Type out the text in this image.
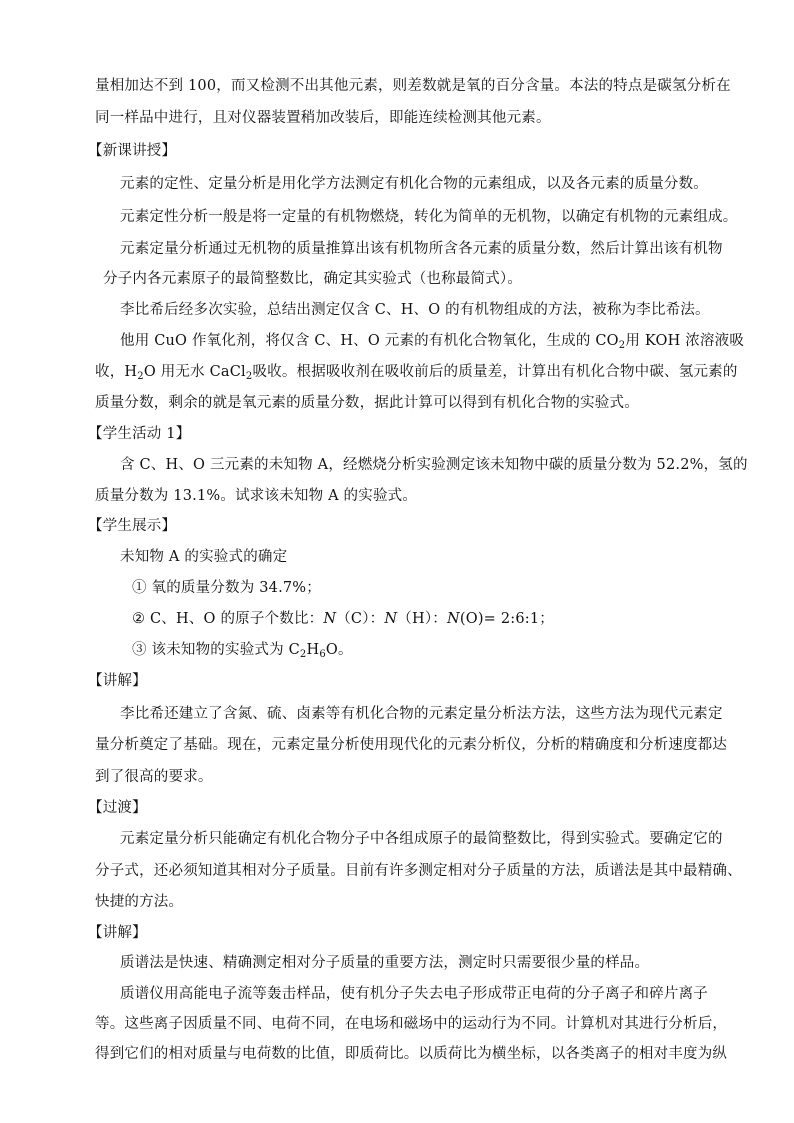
量相加达不到 100，而又检测不出其他元素，则差数就是氧的百分含量。本法的特点是碳氢分析在
同一样品中进行，且对仪器装置稍加改装后，即能连续检测其他元素。
【新课讲授】
元素的定性、定量分析是用化学方法测定有机化合物的元素组成，以及各元素的质量分数。
元素定性分析一般是将一定量的有机物燃烧，转化为简单的无机物，以确定有机物的元素组成。
元素定量分析通过无机物的质量推算出该有机物所含各元素的质量分数，然后计算出该有机物
分子内各元素原子的最简整数比，确定其实验式（也称最简式）。
李比希后经多次实验，总结出测定仅含 C、H、O 的有机物组成的方法，被称为李比希法。
他用 CuO 作氧化剂，将仅含 C、H、O 元素的有机化合物氧化，生成的 $CO_2$用 KOH 浓溶液吸
收，$H_2O$ 用无水 CaCl$_2$吸收。根据吸收剂在吸收前后的质量差，计算出有机化合物中碳、氢元素的
质量分数，剩余的就是氧元素的质量分数，据此计算可以得到有机化合物的实验式。
【学生活动 1】
含 C、H、O 三元素的未知物 A，经燃烧分析实验测定该未知物中碳的质量分数为 52.2%，氢的
质量分数为 13.1%。试求该未知物 A 的实验式。
【学生展示】
未知物 A 的实验式的确定
① 氧的质量分数为 34.7%；
② C、H、O 的原子个数比：N（C）：N（H）：N(O)= 2:6:1；
③ 该未知物的实验式为 $C_2H_6O$。
【讲解】
李比希还建立了含氮、硫、卤素等有机化合物的元素定量分析法方法，这些方法为现代元素定
量分析奠定了基础。现在，元素定量分析使用现代化的元素分析仪，分析的精确度和分析速度都达
到了很高的要求。
【过渡】
元素定量分析只能确定有机化合物分子中各组成原子的最简整数比，得到实验式。要确定它的
分子式，还必须知道其相对分子质量。目前有许多测定相对分子质量的方法，质谱法是其中最精确、
快捷的方法。
【讲解】
质谱法是快速、精确测定相对分子质量的重要方法，测定时只需要很少量的样品。
质谱仪用高能电子流等轰击样品，使有机分子失去电子形成带正电荷的分子离子和碎片离子
等。这些离子因质量不同、电荷不同，在电场和磁场中的运动行为不同。计算机对其进行分析后，
得到它们的相对质量与电荷数的比值，即质荷比。以质荷比为横坐标，以各类离子的相对丰度为纵
